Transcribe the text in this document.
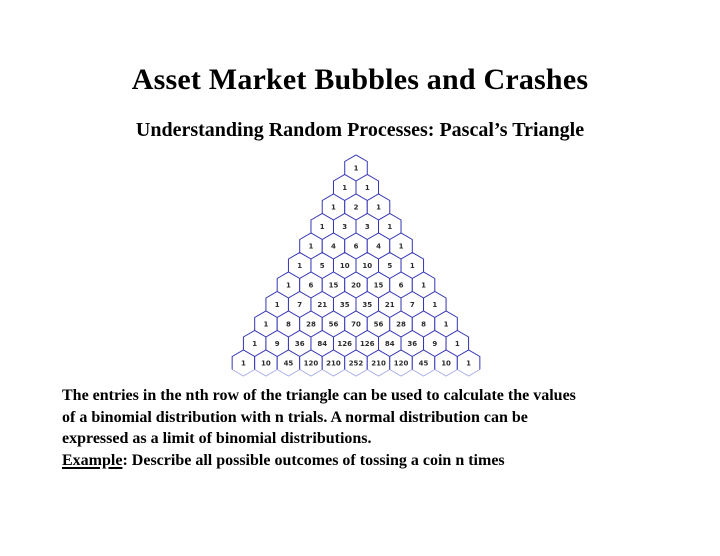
Asset Market Bubbles and Crashes
Understanding Random Processes: Pascal’s Triangle
1
1	1
1	2	1
1	3	3	1
1	4	6	4	1
1	5 10 10 5	1
1	6 15 20 15 6	1
1	7 21 35 35 21 7	1
1	8 28 56 70 56 28 8	1
1	9 36 84 126 126 84 36 9	1
1 10 45 120 210 252 210 120 45 10 1
The entries in the nth row of the triangle can be used to calculate the values
of a binomial distribution with n trials. A normal distribution can be
expressed as a limit of binomial distributions.
Example: Describe all possible outcomes of tossing a coin n times
